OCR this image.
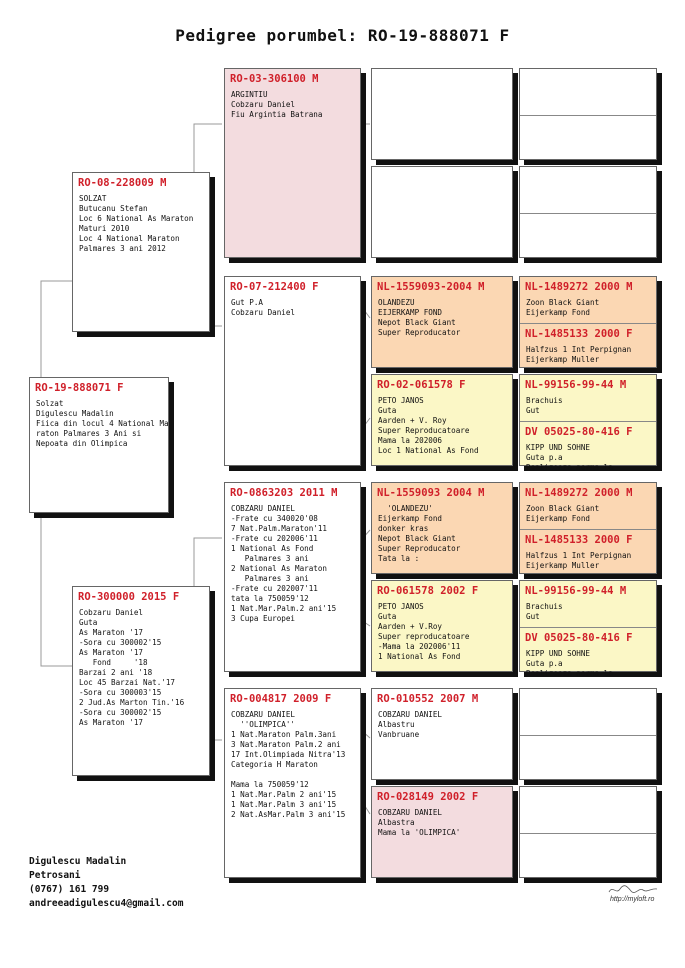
Pedigree porumbel: RO-19-888071 F
RO-19-888071 F
Solzat
Digulescu Madalin
Fiica din locul 4 National Ma
raton Palmares 3 Ani si
Nepoata din Olimpica
RO-08-228009 M
SOLZAT
Butucanu Stefan
Loc 6 National As Maraton
Maturi 2010
Loc 4 National Maraton
Palmares 3 ani 2012
RO-300000 2015 F
Cobzaru Daniel
Guta
As Maraton '17
-Sora cu 300002'15
As Maraton '17
Fond     '18
Barzai 2 ani '18
Loc 45 Barzai Nat.'17
-Sora cu 300003'15
2 Jud.As Marton Tin.'16
-Sora cu 300002'15
As Maraton '17
RO-03-306100 M
ARGINTIU
Cobzaru Daniel
Fiu Argintia Batrana
RO-07-212400 F
Gut P.A
Cobzaru Daniel
RO-0863203 2011 M
COBZARU DANIEL
-Frate cu 340020'08
7 Nat.Palm.Maraton'11
-Frate cu 202006'11
1 National As Fond
Palmares 3 ani
2 National As Maraton
Palmares 3 ani
-Frate cu 202007'11
tata la 750059'12
1 Nat.Mar.Palm.2 ani'15
3 Cupa Europei
RO-004817 2009 F
COBZARU DANIEL
''OLIMPICA''
1 Nat.Maraton Palm.3ani
3 Nat.Maraton Palm.2 ani
17 Int.Olimpiada Nitra'13
Categoria H Maraton

Mama la 750059'12
1 Nat.Mar.Palm 2 ani'15
1 Nat.Mar.Palm 3 ani'15
2 Nat.AsMar.Palm 3 ani'15
NL-1559093-2004 M
OLANDEZU
EIJERKAMP FOND
Nepot Black Giant
Super Reproducator
RO-02-061578 F
PETO JANOS
Guta
Aarden + V. Roy
Super Reproducatoare
Mama la 202006
Loc 1 National As Fond
NL-1559093 2004 M
'OLANDEZU'
Eijerkamp Fond
donker kras
Nepot Black Giant
Super Reproducator
Tata la :
RO-061578 2002 F
PETO JANOS
Guta
Aarden + V.Roy
Super reproducatoare
-Mama la 202006'11
1 National As Fond
RO-010552 2007 M
COBZARU DANIEL
Albastru
Vanbruane
RO-028149 2002 F
COBZARU DANIEL
Albastra
Mama la 'OLIMPICA'
NL-1489272 2000 M
Zoon Black Giant
Eijerkamp Fond
NL-1485133 2000 F
Halfzus 1 Int Perpignan
Eijerkamp Muller
NL-99156-99-44 M
Brachuis
Gut
DV 05025-80-416 F
KIPP UND SOHNE
Guta p.a
Realizeaza norma la
NL-1489272 2000 M
Zoon Black Giant
Eijerkamp Fond
NL-1485133 2000 F
Halfzus 1 Int Perpignan
Eijerkamp Muller
NL-99156-99-44 M
Brachuis
Gut
DV 05025-80-416 F
KIPP UND SOHNE
Guta p.a
Realizeaza norma la
Digulescu Madalin
Petrosani
(0767) 161 799
andreeadigulescu4@gmail.com	http://myloft.ro
